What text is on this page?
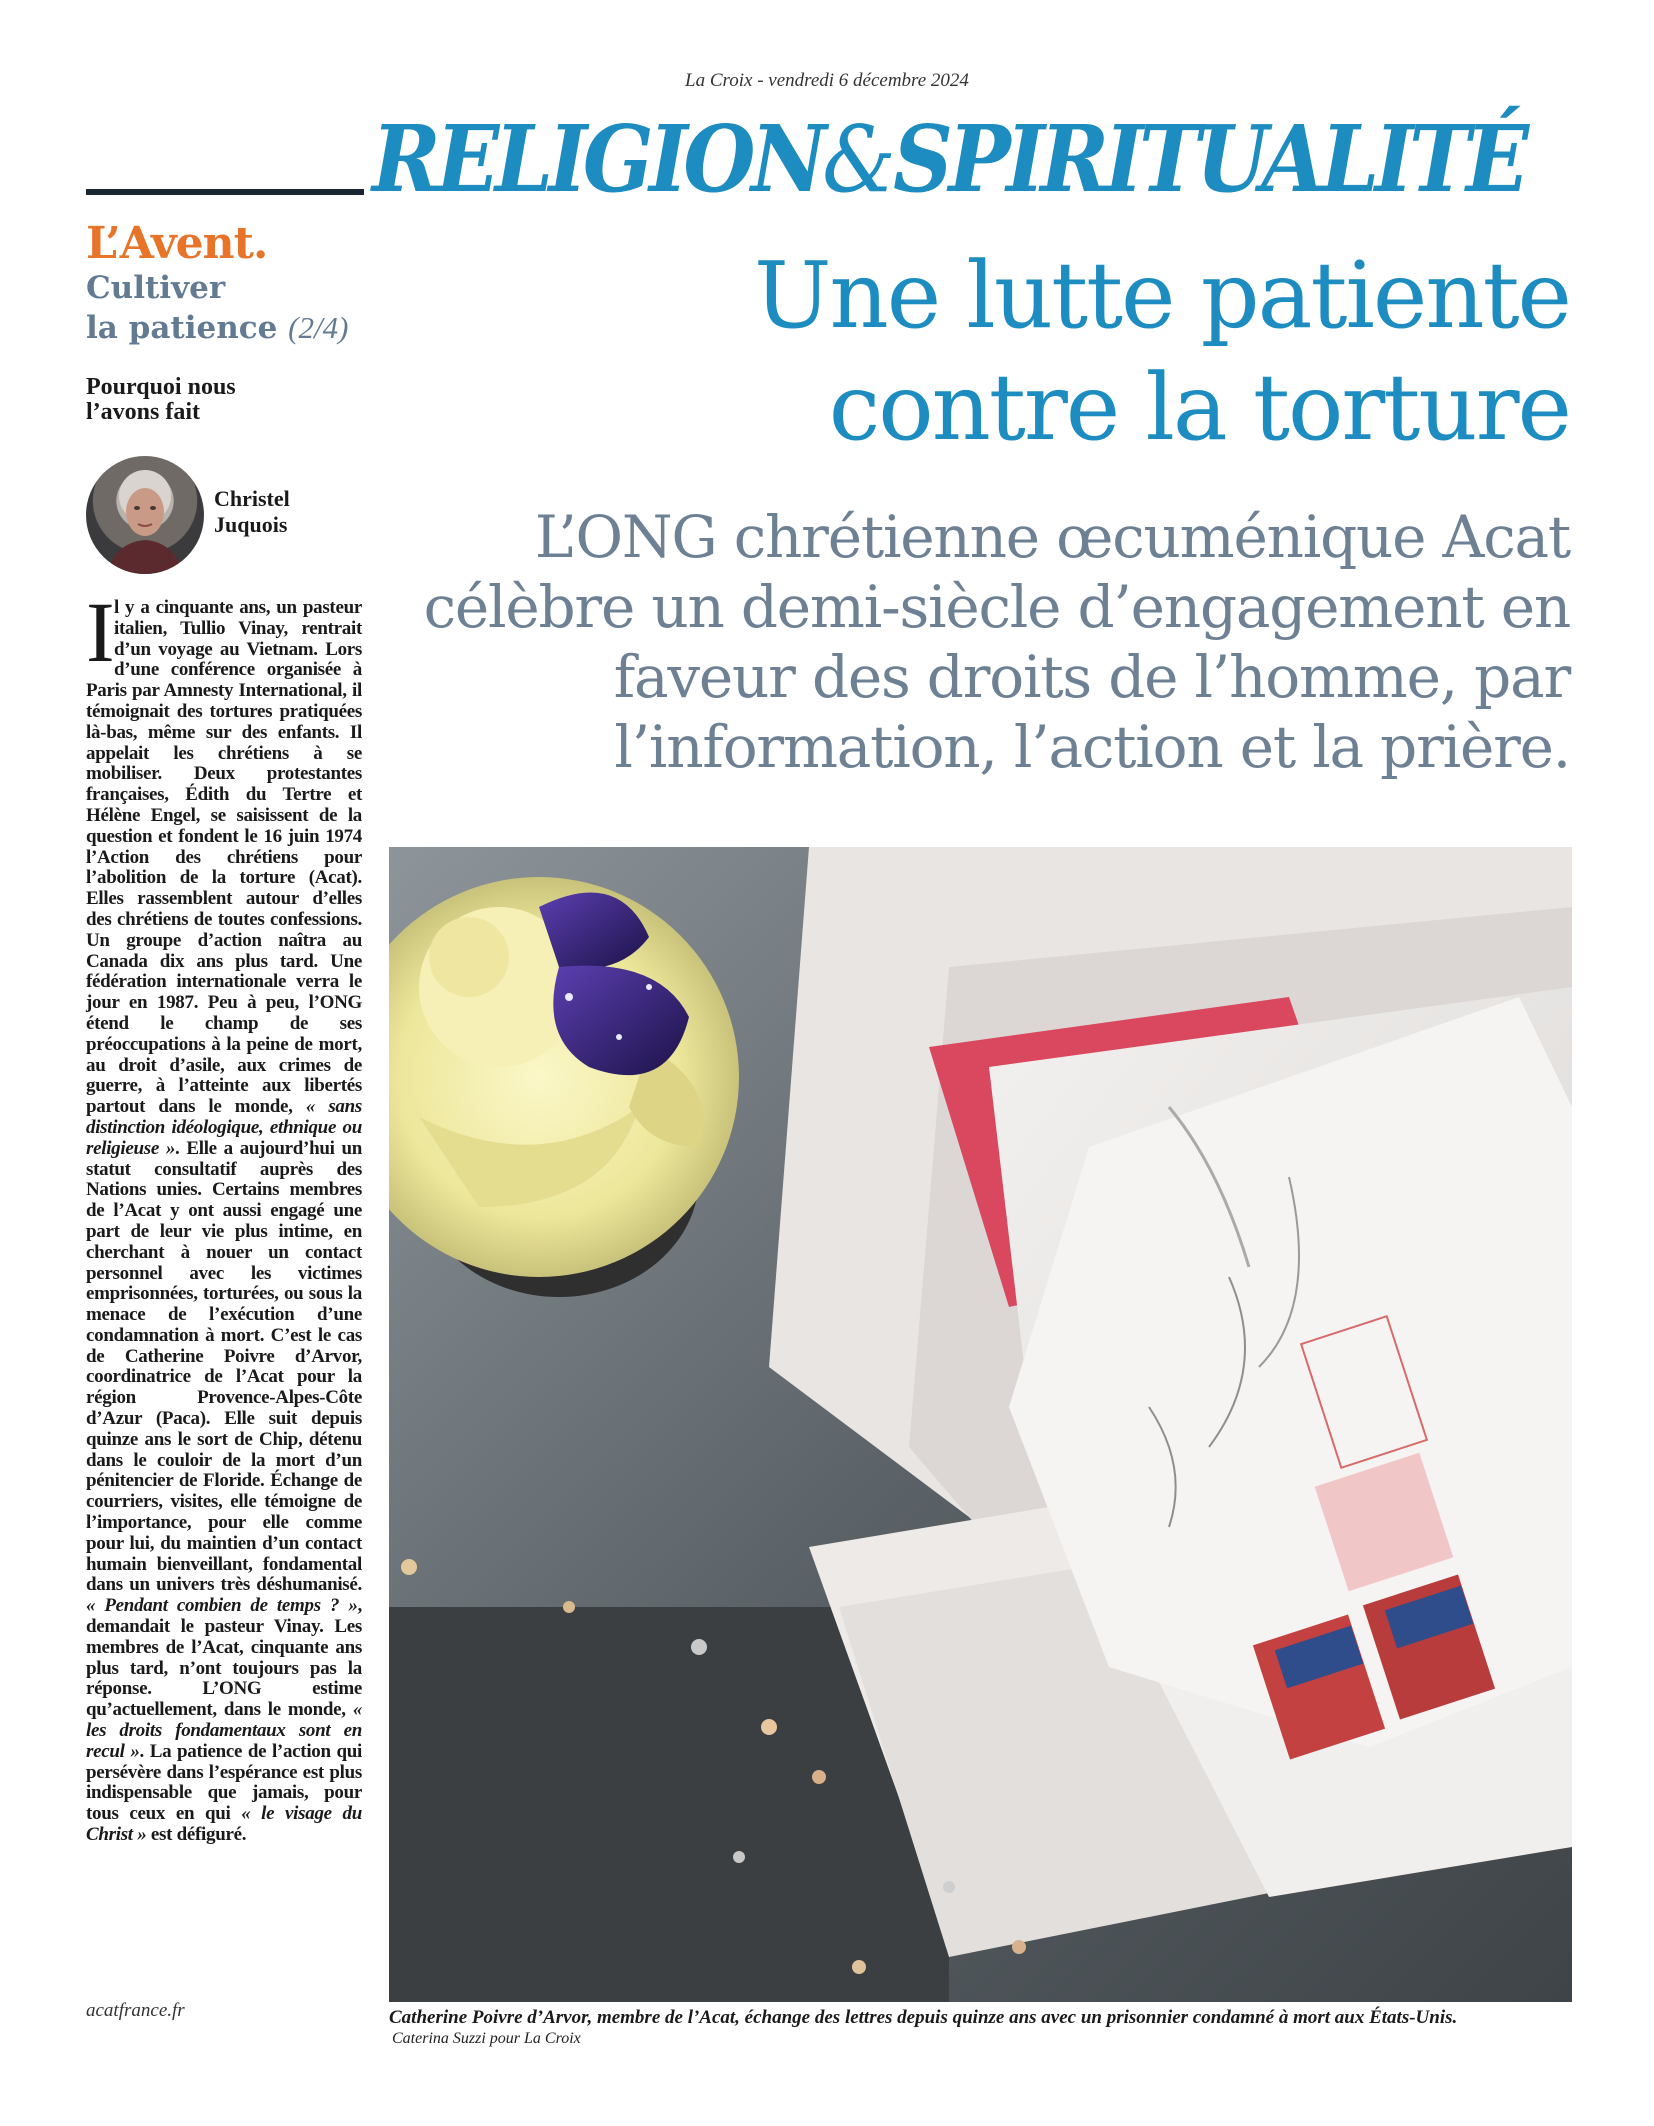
La Croix - vendredi 6 décembre 2024
RELIGION&SPIRITUALITÉ
L’Avent.
Cultiver
la patience (2/4)
Pourquoi nous
l’avons fait
Christel
Juquois
I l y a cinquante ans, un pasteur italien, Tullio Vinay, rentrait d’un voyage au Vietnam. Lors d’une conférence organisée à Paris par Amnesty International, il témoignait des tortures pratiquées là-bas, même sur des enfants. Il appelait les chrétiens à se mobiliser. Deux protestantes françaises, Édith du Tertre et Hélène Engel, se saisissent de la question et fondent le 16 juin 1974 l’Action des chrétiens pour l’abolition de la torture (Acat). Elles rassemblent autour d’elles des chrétiens de toutes confessions. Un groupe d’action naîtra au Canada dix ans plus tard. Une fédération internationale verra le jour en 1987. Peu à peu, l’ONG étend le champ de ses préoccupations à la peine de mort, au droit d’asile, aux crimes de guerre, à l’atteinte aux libertés partout dans le monde, « sans distinction idéologique, ethnique ou religieuse ». Elle a aujourd’hui un statut consultatif auprès des Nations unies. Certains membres de l’Acat y ont aussi engagé une part de leur vie plus intime, en cherchant à nouer un contact personnel avec les victimes emprisonnées, torturées, ou sous la menace de l’exécution d’une condamnation à mort. C’est le cas de Catherine Poivre d’Arvor, coordinatrice de l’Acat pour la région Provence-Alpes-Côte d’Azur (Paca). Elle suit depuis quinze ans le sort de Chip, détenu dans le couloir de la mort d’un pénitencier de Floride. Échange de courriers, visites, elle témoigne de l’importance, pour elle comme pour lui, du maintien d’un contact humain bienveillant, fondamental dans un univers très déshumanisé. « Pendant combien de temps ? », demandait le pasteur Vinay. Les membres de l’Acat, cinquante ans plus tard, n’ont toujours pas la réponse. L’ONG estime qu’actuellement, dans le monde, « les droits fondamentaux sont en recul ». La patience de l’action qui persévère dans l’espérance est plus indispensable que jamais, pour tous ceux en qui « le visage du Christ » est défiguré.
acatfrance.fr
Une lutte patiente
contre la torture
L’ONG chrétienne œcuménique Acat célèbre un demi-siècle d’engagement en faveur des droits de l’homme, par l’information, l’action et la prière.
Catherine Poivre d’Arvor, membre de l’Acat, échange des lettres depuis quinze ans avec un prisonnier condamné à mort aux États-Unis.
Caterina Suzzi pour La Croix
